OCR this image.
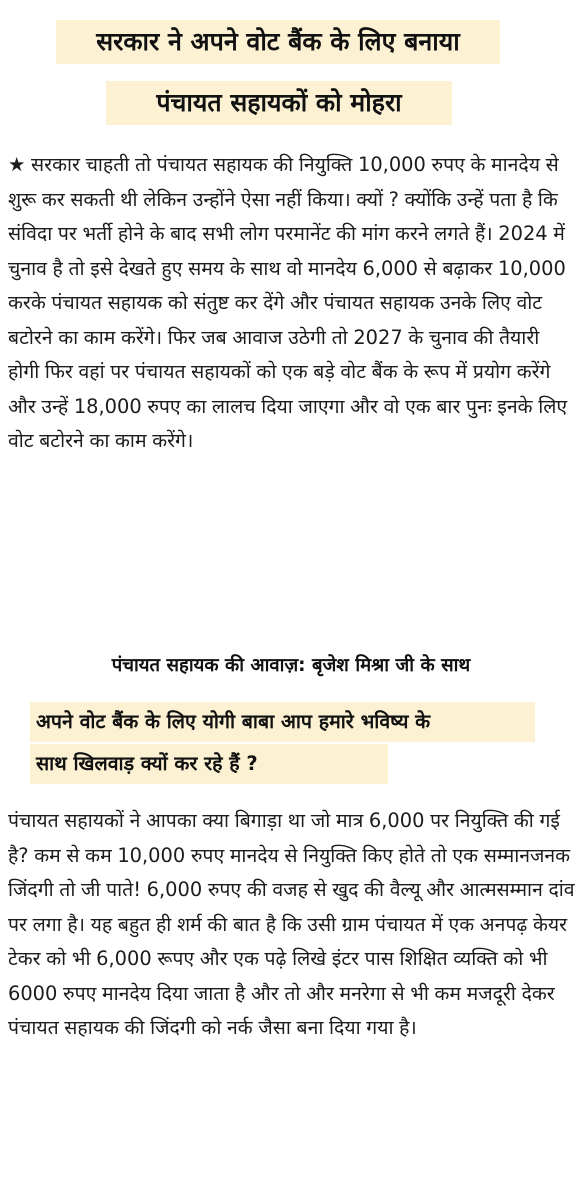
सरकार ने अपने वोट बैंक के लिए बनाया
पंचायत सहायकों को मोहरा
★ सरकार चाहती तो पंचायत सहायक की नियुक्ति 10,000 रुपए के मानदेय से शुरू कर सकती थी लेकिन उन्होंने ऐसा नहीं किया। क्यों ? क्योंकि उन्हें पता है कि संविदा पर भर्ती होने के बाद सभी लोग परमानेंट की मांग करने लगते हैं। 2024 में चुनाव है तो इसे देखते हुए समय के साथ वो मानदेय 6,000 से बढ़ाकर 10,000 करके पंचायत सहायक को संतुष्ट कर देंगे और पंचायत सहायक उनके लिए वोट बटोरने का काम करेंगे। फिर जब आवाज उठेगी तो 2027 के चुनाव की तैयारी होगी फिर वहां पर पंचायत सहायकों को एक बड़े वोट बैंक के रूप में प्रयोग करेंगे और उन्हें 18,000 रुपए का लालच दिया जाएगा और वो एक बार पुनः इनके लिए वोट बटोरने का काम करेंगे।
पंचायत सहायक की आवाज़: बृजेश मिश्रा जी के साथ
अपने वोट बैंक के लिए योगी बाबा आप हमारे भविष्य के
साथ खिलवाड़ क्यों कर रहे हैं ?
पंचायत सहायकों ने आपका क्या बिगाड़ा था जो मात्र 6,000 पर नियुक्ति की गई है? कम से कम 10,000 रुपए मानदेय से नियुक्ति किए होते तो एक सम्मानजनक जिंदगी तो जी पाते! 6,000 रुपए की वजह से खुद की वैल्यू और आत्मसम्मान दांव पर लगा है। यह बहुत ही शर्म की बात है कि उसी ग्राम पंचायत में एक अनपढ़ केयर टेकर को भी 6,000 रूपए और एक पढ़े लिखे इंटर पास शिक्षित व्यक्ति को भी 6000 रुपए मानदेय दिया जाता है और तो और मनरेगा से भी कम मजदूरी देकर पंचायत सहायक की जिंदगी को नर्क जैसा बना दिया गया है।
